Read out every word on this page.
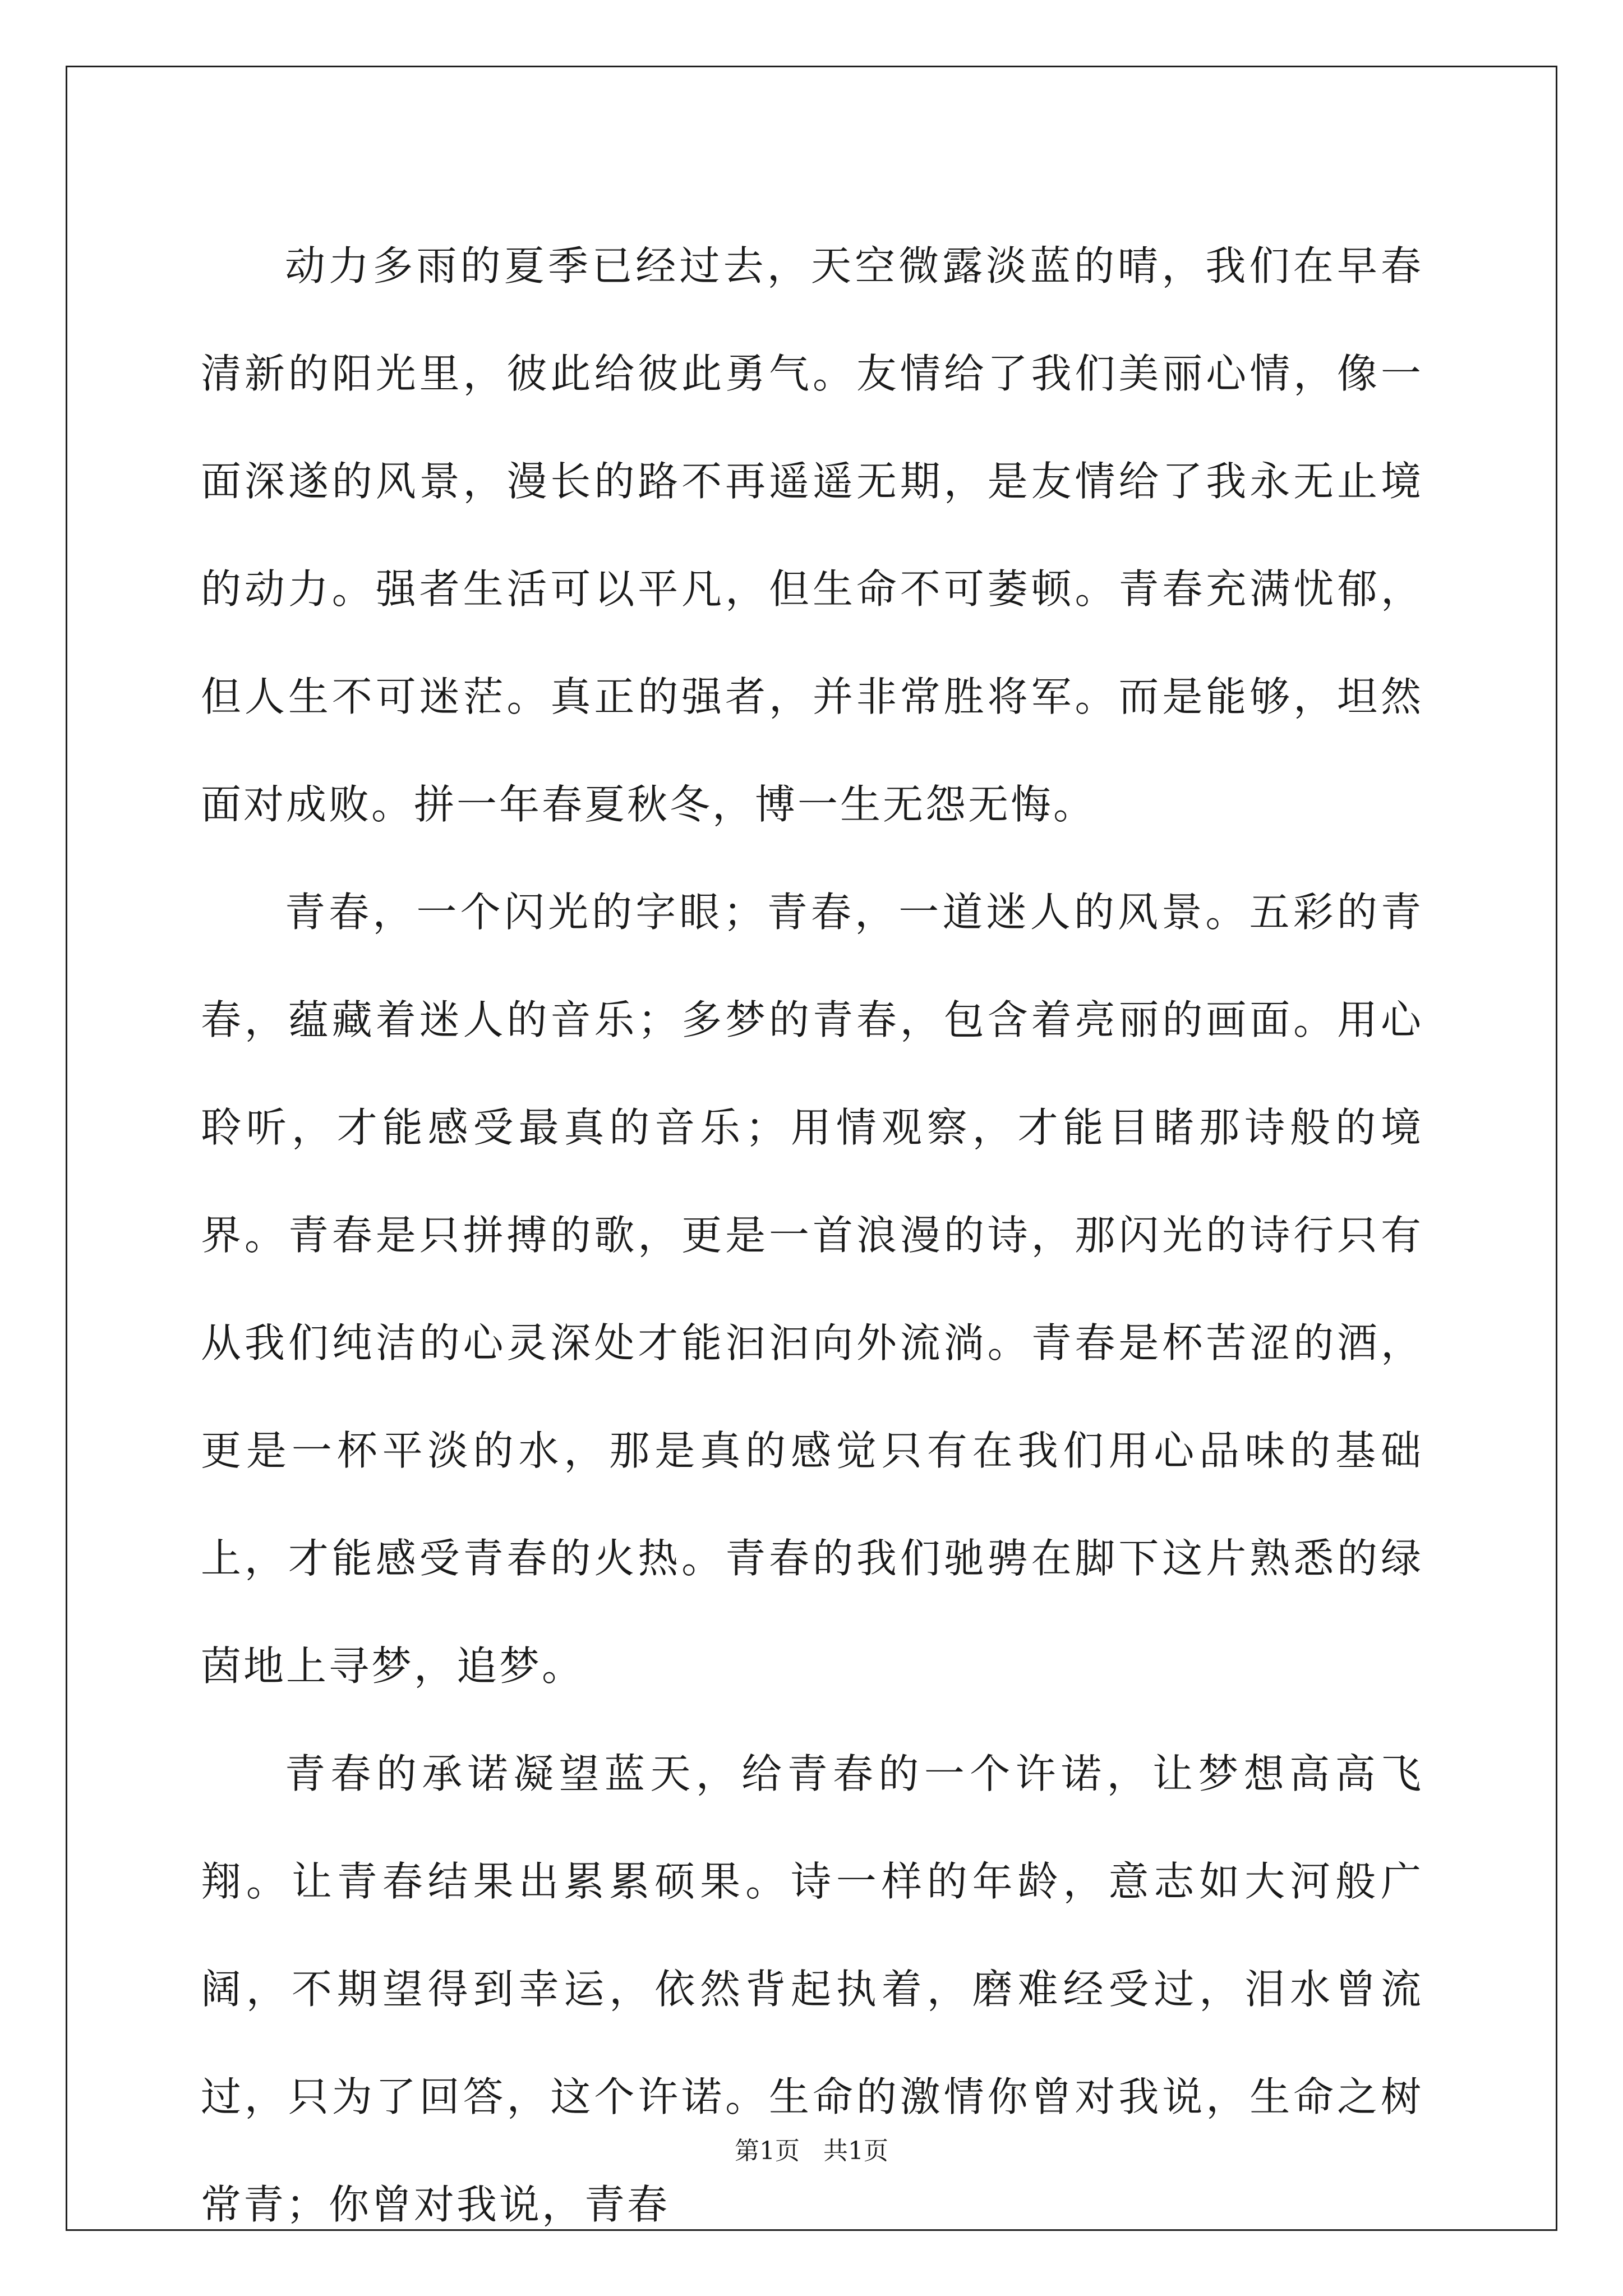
动力多雨的夏季已经过去，天空微露淡蓝的晴，我们在早春清新的阳光里，彼此给彼此勇气。友情给了我们美丽心情，像一面深遂的风景，漫长的路不再遥遥无期，是友情给了我永无止境的动力。强者生活可以平凡，但生命不可萎顿。青春充满忧郁，但人生不可迷茫。真正的强者，并非常胜将军。而是能够，坦然面对成败。拼一年春夏秋冬，博一生无怨无悔。

青春，一个闪光的字眼；青春，一道迷人的风景。五彩的青春，蕴藏着迷人的音乐；多梦的青春，包含着亮丽的画面。用心聆听，才能感受最真的音乐；用情观察，才能目睹那诗般的境界。青春是只拼搏的歌，更是一首浪漫的诗，那闪光的诗行只有从我们纯洁的心灵深处才能汩汩向外流淌。青春是杯苦涩的酒，更是一杯平淡的水，那是真的感觉只有在我们用心品味的基础上，才能感受青春的火热。青春的我们驰骋在脚下这片熟悉的绿茵地上寻梦，追梦。

青春的承诺凝望蓝天，给青春的一个许诺，让梦想高高飞翔。让青春结果出累累硕果。诗一样的年龄，意志如大河般广阔，不期望得到幸运，依然背起执着，磨难经受过，泪水曾流过，只为了回答，这个许诺。生命的激情你曾对我说，生命之树常青；你曾对我说，青春

第1页   共1页
